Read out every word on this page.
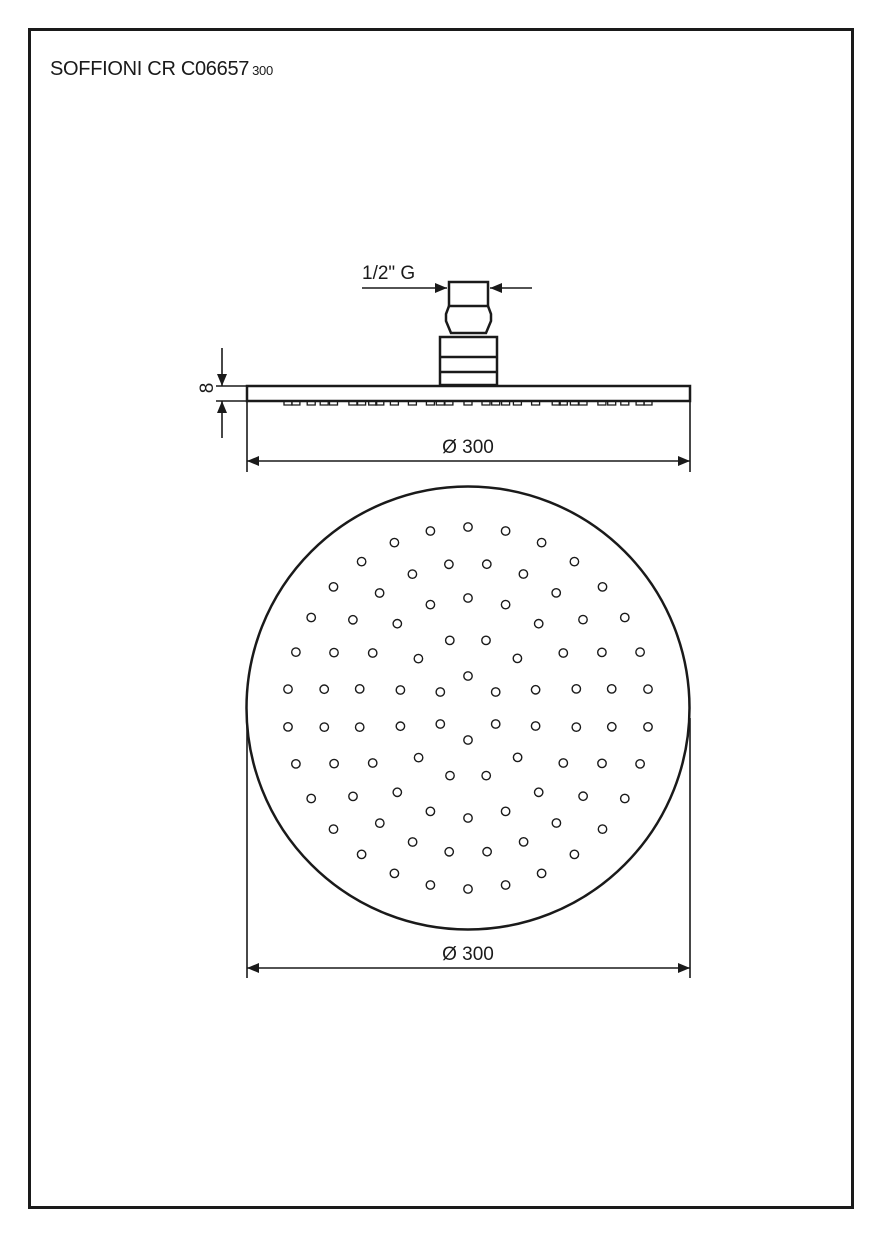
SOFFIONI CR C06657 300
1/2" G
8
Ø 300
Ø 300
